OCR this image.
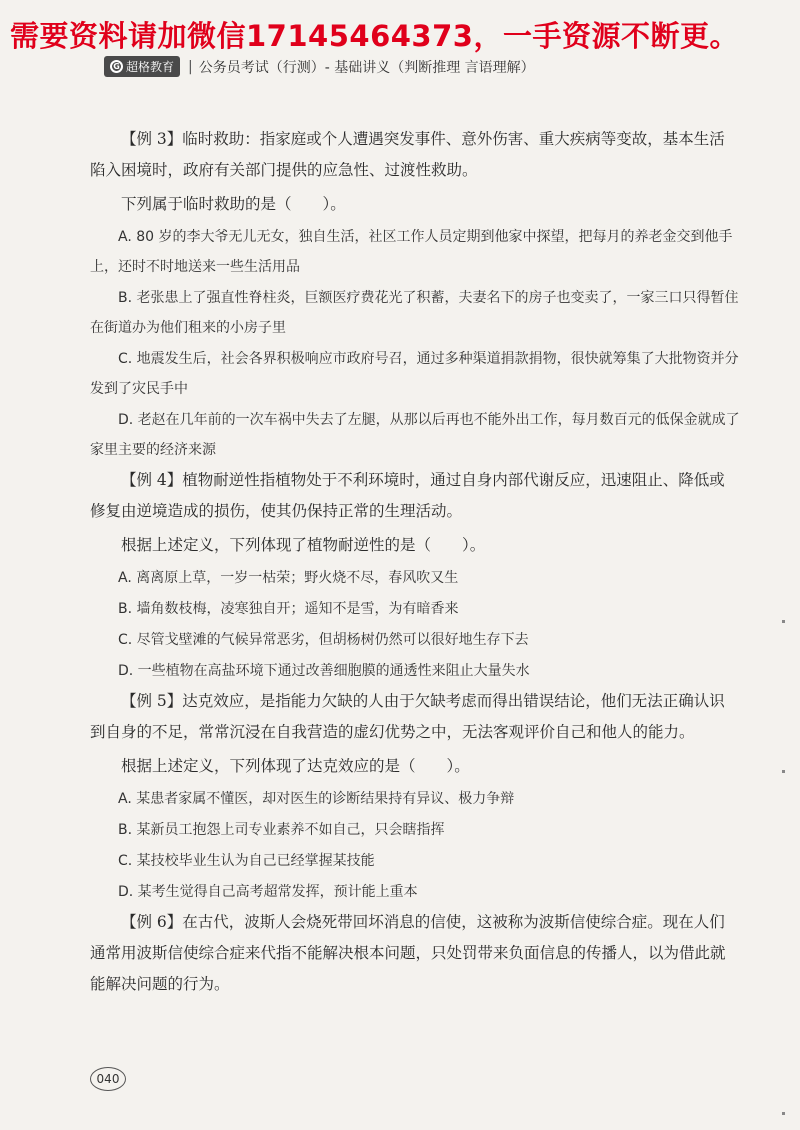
需要资料请加微信17145464373，一手资源不断更。
G 超格教育 | 公务员考试（行测）- 基础讲义（判断推理 言语理解）

【例 3】临时救助：指家庭或个人遭遇突发事件、意外伤害、重大疾病等变故，基本生活陷入困境时，政府有关部门提供的应急性、过渡性救助。

下列属于临时救助的是（　　）。

A. 80 岁的李大爷无儿无女，独自生活，社区工作人员定期到他家中探望，把每月的养老金交到他手上，还时不时地送来一些生活用品

B. 老张患上了强直性脊柱炎，巨额医疗费花光了积蓄，夫妻名下的房子也变卖了，一家三口只得暂住在街道办为他们租来的小房子里

C. 地震发生后，社会各界积极响应市政府号召，通过多种渠道捐款捐物，很快就筹集了大批物资并分发到了灾民手中

D. 老赵在几年前的一次车祸中失去了左腿，从那以后再也不能外出工作，每月数百元的低保金就成了家里主要的经济来源

【例 4】植物耐逆性指植物处于不利环境时，通过自身内部代谢反应，迅速阻止、降低或修复由逆境造成的损伤，使其仍保持正常的生理活动。

根据上述定义，下列体现了植物耐逆性的是（　　）。

A. 离离原上草，一岁一枯荣；野火烧不尽，春风吹又生

B. 墙角数枝梅，凌寒独自开；遥知不是雪，为有暗香来

C. 尽管戈壁滩的气候异常恶劣，但胡杨树仍然可以很好地生存下去

D. 一些植物在高盐环境下通过改善细胞膜的通透性来阻止大量失水

【例 5】达克效应，是指能力欠缺的人由于欠缺考虑而得出错误结论，他们无法正确认识到自身的不足，常常沉浸在自我营造的虚幻优势之中，无法客观评价自己和他人的能力。

根据上述定义，下列体现了达克效应的是（　　）。

A. 某患者家属不懂医，却对医生的诊断结果持有异议、极力争辩

B. 某新员工抱怨上司专业素养不如自己，只会瞎指挥

C. 某技校毕业生认为自己已经掌握某技能

D. 某考生觉得自己高考超常发挥，预计能上重本

【例 6】在古代，波斯人会烧死带回坏消息的信使，这被称为波斯信使综合症。现在人们通常用波斯信使综合症来代指不能解决根本问题，只处罚带来负面信息的传播人，以为借此就能解决问题的行为。

040
